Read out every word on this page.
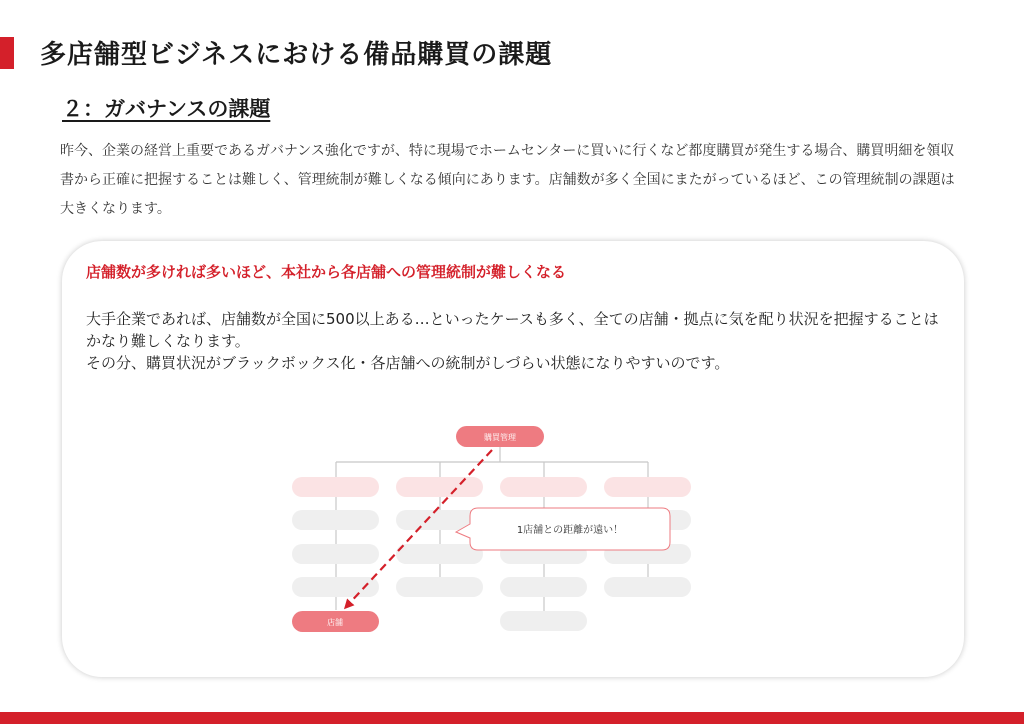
多店舗型ビジネスにおける備品購買の課題
２：ガバナンスの課題
昨今、企業の経営上重要であるガバナンス強化ですが、特に現場でホームセンターに買いに行くなど都度購買が発生する場合、購買明細を領収書から正確に把握することは難しく、管理統制が難しくなる傾向にあります。店舗数が多く全国にまたがっているほど、この管理統制の課題は大きくなります。
店舗数が多ければ多いほど、本社から各店舗への管理統制が難しくなる

大手企業であれば、店舗数が全国に500以上ある…といったケースも多く、全ての店舗・拠点に気を配り状況を把握することはかなり難しくなります。

その分、購買状況がブラックボックス化・各店舗への統制がしづらい状態になりやすいのです。

購買管理
店舗
1店舗との距離が遠い！
